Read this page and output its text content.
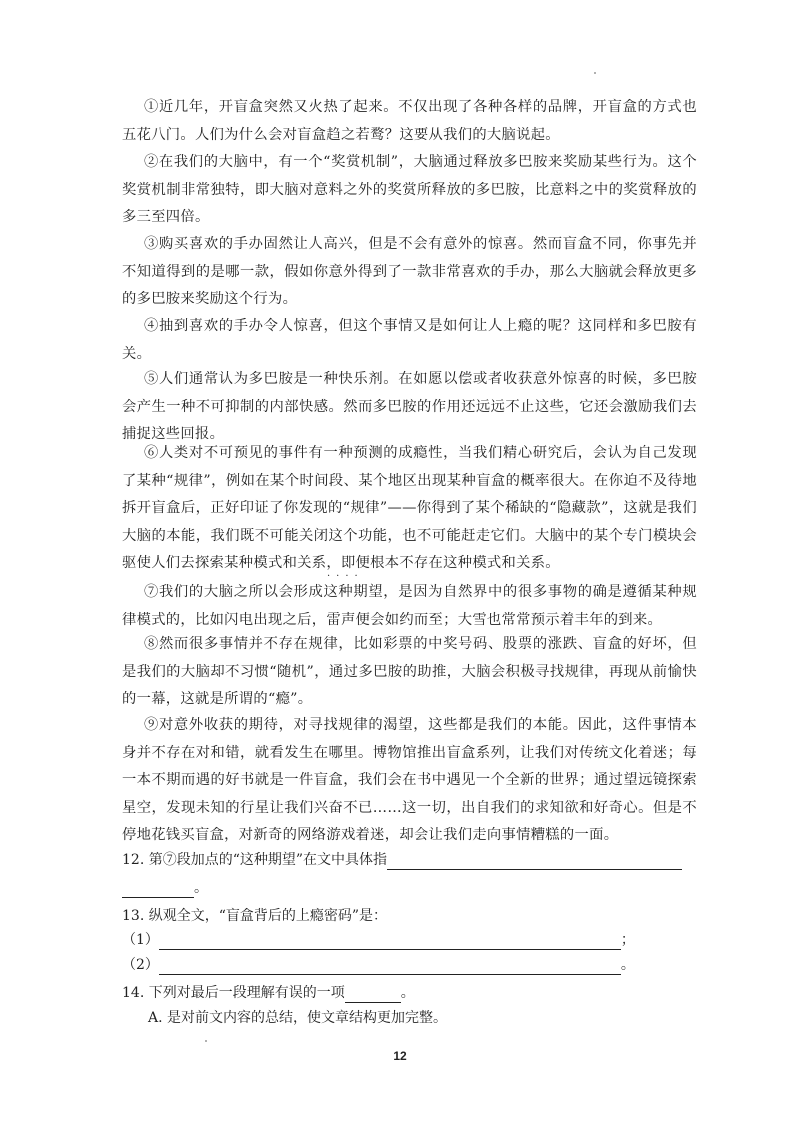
①近几年，开盲盒突然又火热了起来。不仅出现了各种各样的品牌，开盲盒的方式也五花八门。人们为什么会对盲盒趋之若鹜？这要从我们的大脑说起。

②在我们的大脑中，有一个“奖赏机制”，大脑通过释放多巴胺来奖励某些行为。这个奖赏机制非常独特，即大脑对意料之外的奖赏所释放的多巴胺，比意料之中的奖赏释放的多三至四倍。

③购买喜欢的手办固然让人高兴，但是不会有意外的惊喜。然而盲盒不同，你事先并不知道得到的是哪一款，假如你意外得到了一款非常喜欢的手办，那么大脑就会释放更多的多巴胺来奖励这个行为。

④抽到喜欢的手办令人惊喜，但这个事情又是如何让人上瘾的呢？这同样和多巴胺有关。

⑤人们通常认为多巴胺是一种快乐剂。在如愿以偿或者收获意外惊喜的时候，多巴胺会产生一种不可抑制的内部快感。然而多巴胺的作用还远远不止这些，它还会激励我们去捕捉这些回报。

⑥人类对不可预见的事件有一种预测的成瘾性，当我们精心研究后，会认为自己发现了某种“规律”，例如在某个时间段、某个地区出现某种盲盒的概率很大。在你迫不及待地拆开盲盒后，正好印证了你发现的“规律”——你得到了某个稀缺的“隐藏款”，这就是我们大脑的本能，我们既不可能关闭这个功能，也不可能赶走它们。大脑中的某个专门模块会驱使人们去探索某种模式和关系，即便根本不存在这种模式和关系。

····

⑦我们的大脑之所以会形成这种期望，是因为自然界中的很多事物的确是遵循某种规律模式的，比如闪电出现之后，雷声便会如约而至；大雪也常常预示着丰年的到来。

⑧然而很多事情并不存在规律，比如彩票的中奖号码、股票的涨跌、盲盒的好坏，但是我们的大脑却不习惯“随机”，通过多巴胺的助推，大脑会积极寻找规律，再现从前愉快的一幕，这就是所谓的“瘾”。

⑨对意外收获的期待，对寻找规律的渴望，这些都是我们的本能。因此，这件事情本身并不存在对和错，就看发生在哪里。博物馆推出盲盒系列，让我们对传统文化着迷；每一本不期而遇的好书就是一件盲盒，我们会在书中遇见一个全新的世界；通过望远镜探索星空，发现未知的行星让我们兴奋不已……这一切，出自我们的求知欲和好奇心。但是不停地花钱买盲盒，对新奇的网络游戏着迷，却会让我们走向事情糟糕的一面。

12. 第⑦段加点的“这种期望”在文中具体指
。
13. 纵观全文，“盲盒背后的上瘾密码”是：
（1）	；
（2）	。
14. 下列对最后一段理解有误的一项	。
A. 是对前文内容的总结，使文章结构更加完整。
12
